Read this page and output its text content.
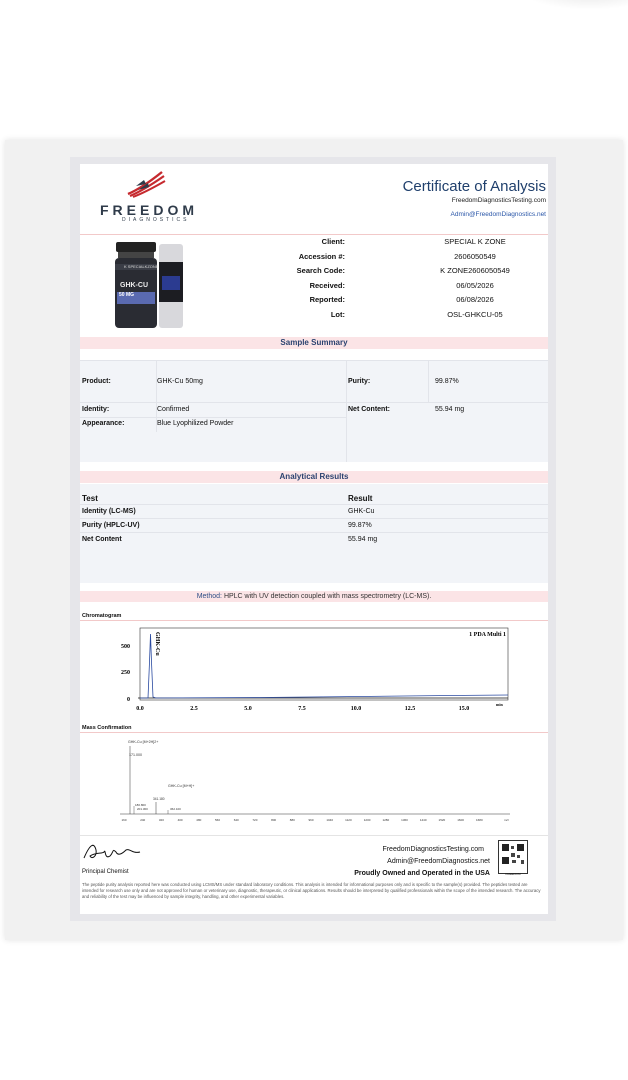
FREEDOM
DIAGNOSTICS
Certificate of Analysis
FreedomDiagnosticsTesting.com
Admin@FreedomDiagnostics.net
K SPECIALKZONE
GHK-CU
50 MG
Client:	SPECIAL K ZONE
Accession #:	2606050549
Search Code:	K ZONE2606050549
Received:	06/05/2026
Reported:	06/08/2026
Lot:	OSL-GHKCU-05
Sample Summary
Product:	GHK-Cu 50mg	Purity:	99.87%
Identity:	Confirmed	Net Content:	55.94 mg
Appearance:	Blue Lyophilized Powder
Analytical Results
Test	Result
Identity (LC-MS)	GHK-Cu
Purity (HPLC-UV)	99.87%
Net Content	55.94 mg
Method: HPLC with UV detection coupled with mass spectrometry (LC-MS).
Chromatogram
0
250
500
0.0	2.5	5.0	7.5	10.0	12.5	15.0
min
1 PDA Multi 1
GHK-Cu
Mass Confirmation
GHK-Cu [M+2H]2+
171.000
GHK-Cu [M+H]+
341.180
180.800
201.300	362.100
160	240	320	400	480	560	640	720	800	880	960	1040	1120	1200	1280	1360	1440	1520	1600	1680	m/z
Principal Chemist
FreedomDiagnosticsTesting.com
Admin@FreedomDiagnostics.net
Proudly Owned and Operated in the USA	FREEDOM
The peptide purity analysis reported here was conducted using LCMS/MS under standard laboratory conditions. This analysis is intended for informational purposes only and is specific to the sample(s) provided. The peptides tested are intended for research use only and are not approved for human or veterinary use, diagnostic, therapeutic, or clinical applications. Results should be interpreted by qualified professionals within the scope of the intended research. The accuracy and reliability of the test may be influenced by sample integrity, handling, and other experimental variables.
